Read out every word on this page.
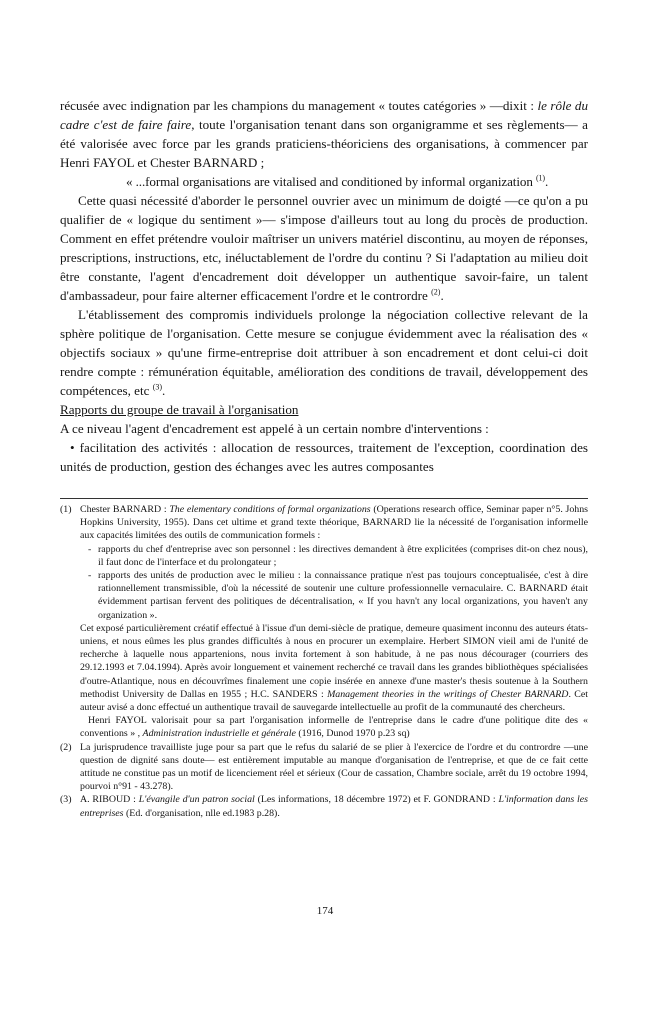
récusée avec indignation par les champions du management « toutes catégories » —dixit : le rôle du cadre c'est de faire faire, toute l'organisation tenant dans son organigramme et ses règlements— a été valorisée avec force par les grands praticiens-théoriciens des organisations, à commencer par Henri FAYOL et Chester BARNARD ;

« ...formal organisations are vitalised and conditioned by informal organization $^{(1)}$.

Cette quasi nécessité d'aborder le personnel ouvrier avec un minimum de doigté —ce qu'on a pu qualifier de « logique du sentiment »— s'impose d'ailleurs tout au long du procès de production. Comment en effet prétendre vouloir maîtriser un univers matériel discontinu, au moyen de réponses, prescriptions, instructions, etc, inéluctablement de l'ordre du continu ? Si l'adaptation au milieu doit être constante, l'agent d'encadrement doit développer un authentique savoir-faire, un talent d'ambassadeur, pour faire alterner efficacement l'ordre et le contrordre $^{(2)}$.

L'établissement des compromis individuels prolonge la négociation collective relevant de la sphère politique de l'organisation. Cette mesure se conjugue évidemment avec la réalisation des « objectifs sociaux » qu'une firme-entreprise doit attribuer à son encadrement et dont celui-ci doit rendre compte : rémunération équitable, amélioration des conditions de travail, développement des compétences, etc $^{(3)}$.

Rapports du groupe de travail à l'organisation

A ce niveau l'agent d'encadrement est appelé à un certain nombre d'interventions :

• facilitation des activités : allocation de ressources, traitement de l'exception, coordination des unités de production, gestion des échanges avec les autres composantes

(1) Chester BARNARD : The elementary conditions of formal organizations (Operations research office, Seminar paper n°5. Johns Hopkins University, 1955). Dans cet ultime et grand texte théorique, BARNARD lie la nécessité de l'organisation informelle aux capacités limitées des outils de communication formels :
- rapports du chef d'entreprise avec son personnel : les directives demandent à être explicitées (comprises dit-on chez nous), il faut donc de l'interface et du prolongateur ;
- rapports des unités de production avec le milieu : la connaissance pratique n'est pas toujours conceptualisée, c'est à dire rationnellement transmissible, d'où la nécessité de soutenir une culture professionnelle vernaculaire. C. BARNARD était évidemment partisan fervent des politiques de décentralisation, « If you havn't any local organizations, you haven't any organization ».

Cet exposé particulièrement créatif effectué à l'issue d'un demi-siècle de pratique, demeure quasiment inconnu des auteurs états-uniens, et nous eûmes les plus grandes difficultés à nous en procurer un exemplaire. Herbert SIMON vieil ami de l'unité de recherche à laquelle nous appartenions, nous invita fortement à son habitude, à ne pas nous décourager (courriers des 29.12.1993 et 7.04.1994). Après avoir longuement et vainement recherché ce travail dans les grandes bibliothèques spécialisées d'outre-Atlantique, nous en découvrîmes finalement une copie insérée en annexe d'une master's thesis soutenue à la Southern methodist University de Dallas en 1955 ; H.C. SANDERS : Management theories in the writings of Chester BARNARD. Cet auteur avisé a donc effectué un authentique travail de sauvegarde intellectuelle au profit de la communauté des chercheurs.

Henri FAYOL valorisait pour sa part l'organisation informelle de l'entreprise dans le cadre d'une politique dite des « conventions » , Administration industrielle et générale (1916, Dunod 1970 p.23 sq)

(2) La jurisprudence travailliste juge pour sa part que le refus du salarié de se plier à l'exercice de l'ordre et du contrordre —une question de dignité sans doute— est entièrement imputable au manque d'organisation de l'entreprise, et que de ce fait cette attitude ne constitue pas un motif de licenciement réel et sérieux (Cour de cassation, Chambre sociale, arrêt du 19 octobre 1994, pourvoi n°91 - 43.278).
(3) A. RIBOUD : L'évangile d'un patron social (Les informations, 18 décembre 1972) et F. GONDRAND : L'information dans les entreprises (Ed. d'organisation, nlle ed.1983 p.28).
174
